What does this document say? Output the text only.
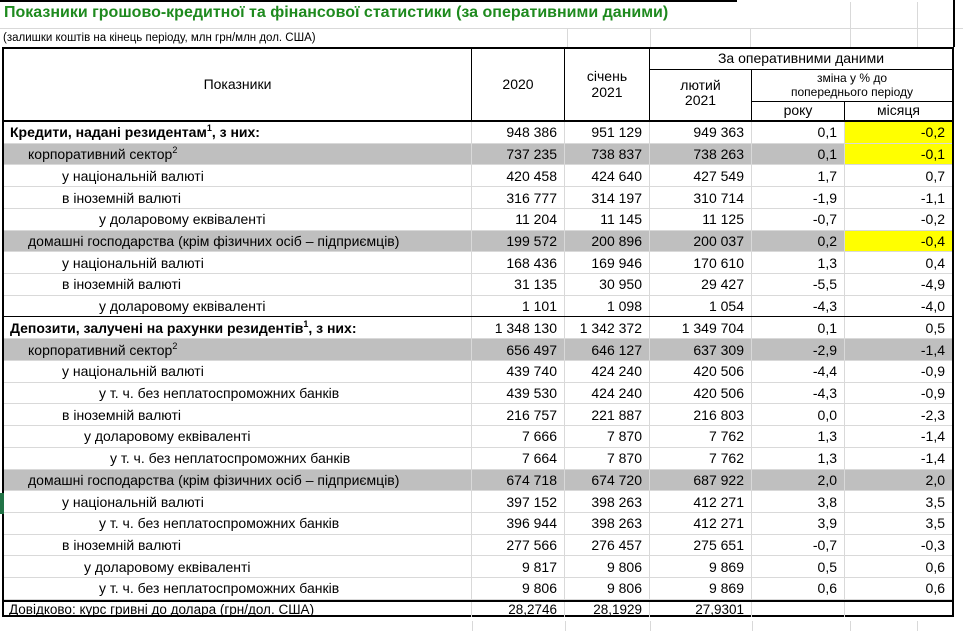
Показники грошово-кредитної та фінансової статистики (за оперативними даними)
(залишки коштів на кінець періоду, млн грн/млн дол. США)
Показники	2020	січень 2021
За оперативними даними
лютий 2021
зміна у % до попереднього періоду
року	місяця
Кредити, надані резидентам$^1$ , з них:	948 386	951 129	949 363	0,1	-0,2
корпоративний сектор$^2$	737 235	738 837	738 263	0,1	-0,1
у національній валюті	420 458	424 640	427 549	1,7	0,7
в іноземній валюті	316 777	314 197	310 714	-1,9	-1,1
у доларовому еквіваленті	11 204	11 145	11 125	-0,7	-0,2
домашні господарства (крім фізичних осіб – підприємців)	199 572	200 896	200 037	0,2	-0,4
у національній валюті	168 436	169 946	170 610	1,3	0,4
в іноземній валюті	31 135	30 950	29 427	-5,5	-4,9
у доларовому еквіваленті	1 101	1 098	1 054	-4,3	-4,0
Депозити, залучені на рахунки резидентів$^1$ , з них:	1 348 130	1 342 372	1 349 704	0,1	0,5
корпоративний сектор$^2$	656 497	646 127	637 309	-2,9	-1,4
у національній валюті	439 740	424 240	420 506	-4,4	-0,9
у т. ч. без неплатоспроможних банків	439 530	424 240	420 506	-4,3	-0,9
в іноземній валюті	216 757	221 887	216 803	0,0	-2,3
у доларовому еквіваленті	7 666	7 870	7 762	1,3	-1,4
у т. ч. без неплатоспроможних банків	7 664	7 870	7 762	1,3	-1,4
домашні господарства (крім фізичних осіб – підприємців)	674 718	674 720	687 922	2,0	2,0
у національній валюті	397 152	398 263	412 271	3,8	3,5
у т. ч. без неплатоспроможних банків	396 944	398 263	412 271	3,9	3,5
в іноземній валюті	277 566	276 457	275 651	-0,7	-0,3
у доларовому еквіваленті	9 817	9 806	9 869	0,5	0,6
у т. ч. без неплатоспроможних банків	9 806	9 806	9 869	0,6	0,6
Довідково: курс гривні до долара (грн/дол. США)	28,2746	28,1929	27,9301
